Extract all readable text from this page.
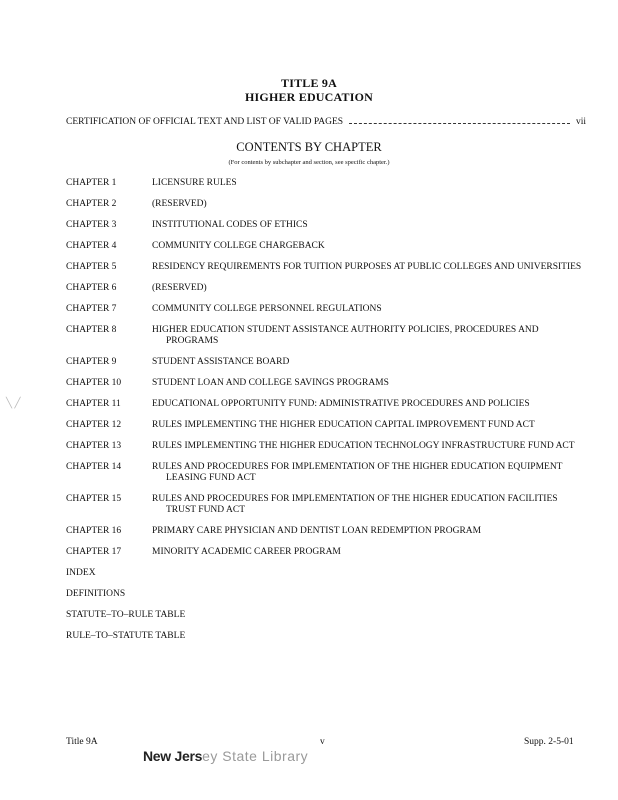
TITLE 9A
HIGHER EDUCATION
CERTIFICATION OF OFFICIAL TEXT AND LIST OF VALID PAGES	vii
CONTENTS BY CHAPTER
(For contents by subchapter and section, see specific chapter.)
CHAPTER 1	LICENSURE RULES
CHAPTER 2	(RESERVED)
CHAPTER 3	INSTITUTIONAL CODES OF ETHICS
CHAPTER 4	COMMUNITY COLLEGE CHARGEBACK
CHAPTER 5	RESIDENCY REQUIREMENTS FOR TUITION PURPOSES AT PUBLIC COLLEGES AND UNIVERSITIES
CHAPTER 6	(RESERVED)
CHAPTER 7	COMMUNITY COLLEGE PERSONNEL REGULATIONS
CHAPTER 8	HIGHER EDUCATION STUDENT ASSISTANCE AUTHORITY POLICIES, PROCEDURES AND PROGRAMS
CHAPTER 9	STUDENT ASSISTANCE BOARD
CHAPTER 10	STUDENT LOAN AND COLLEGE SAVINGS PROGRAMS
CHAPTER 11	EDUCATIONAL OPPORTUNITY FUND: ADMINISTRATIVE PROCEDURES AND POLICIES
CHAPTER 12	RULES IMPLEMENTING THE HIGHER EDUCATION CAPITAL IMPROVEMENT FUND ACT
CHAPTER 13	RULES IMPLEMENTING THE HIGHER EDUCATION TECHNOLOGY INFRASTRUCTURE FUND ACT
CHAPTER 14	RULES AND PROCEDURES FOR IMPLEMENTATION OF THE HIGHER EDUCATION EQUIPMENT LEASING FUND ACT
CHAPTER 15	RULES AND PROCEDURES FOR IMPLEMENTATION OF THE HIGHER EDUCATION FACILITIES TRUST FUND ACT
CHAPTER 16	PRIMARY CARE PHYSICIAN AND DENTIST LOAN REDEMPTION PROGRAM
CHAPTER 17	MINORITY ACADEMIC CAREER PROGRAM
INDEX
DEFINITIONS
STATUTE–TO–RULE TABLE
RULE–TO–STATUTE TABLE
Title 9A	v	Supp. 2-5-01
New Jersey State Library
╲ ╱
